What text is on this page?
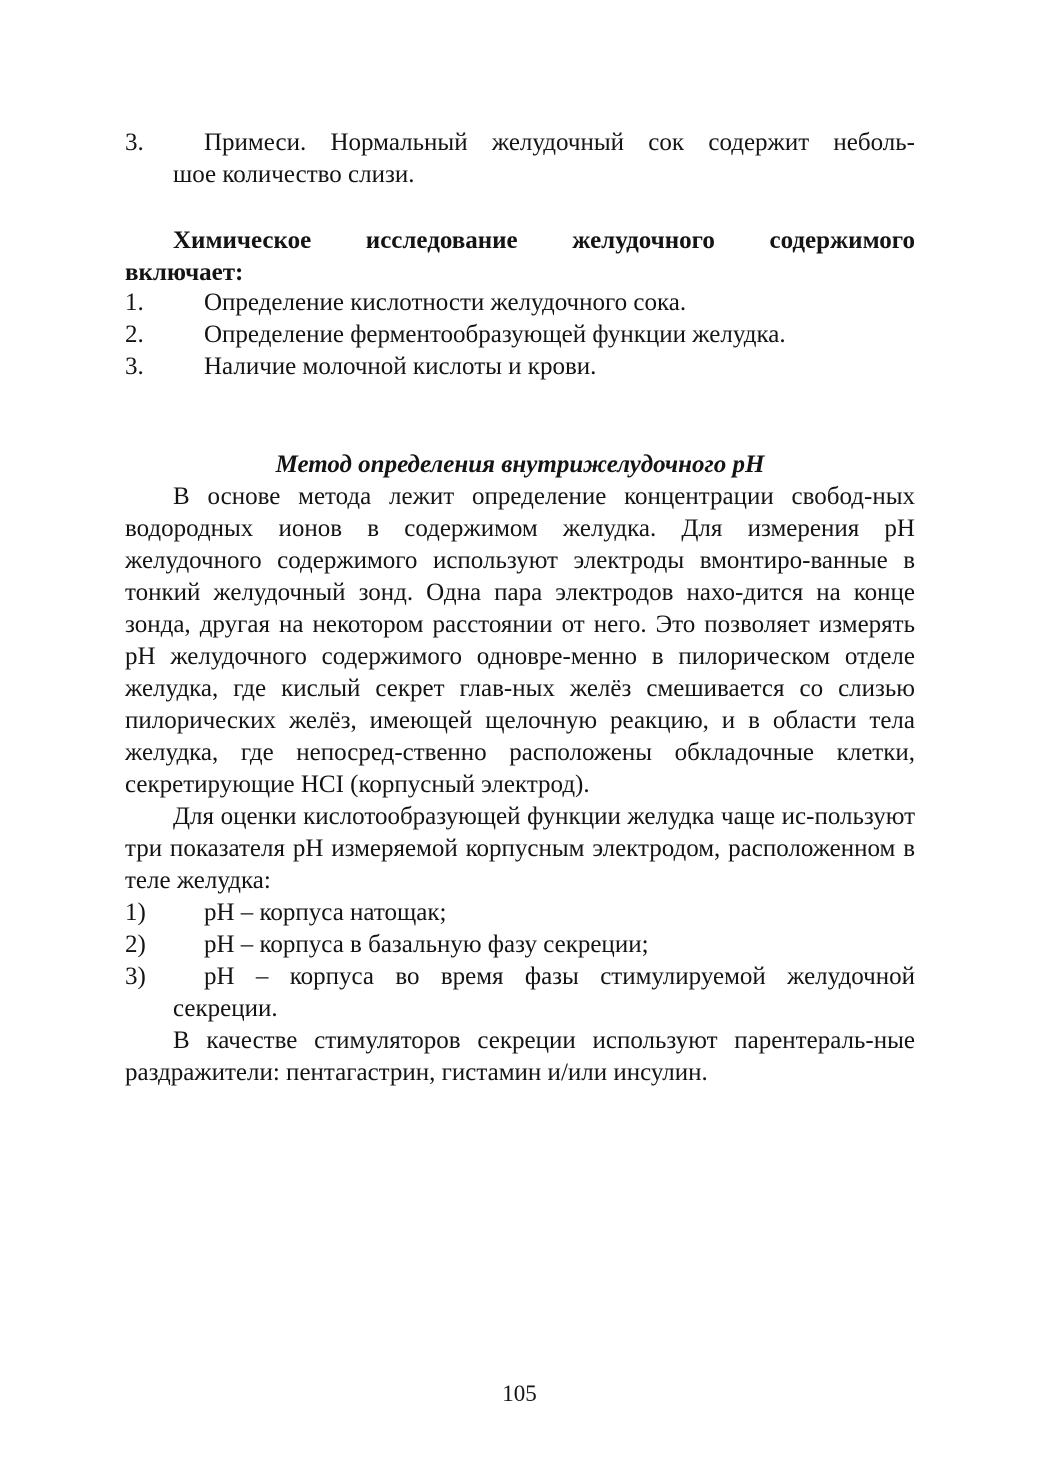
3. Примеси. Нормальный желудочный сок содержит неболь-
шое количество слизи.
Химическое исследование желудочного содержимого
включает:
1. Определение кислотности желудочного сока.
2. Определение ферментообразующей функции желудка.
3. Наличие молочной кислоты и крови.
Метод определения внутрижелудочного pH
В основе метода лежит определение концентрации свобод-ных водородных ионов в содержимом желудка. Для измерения pH желудочного содержимого используют электроды вмонтиро-ванные в тонкий желудочный зонд. Одна пара электродов нахо-дится на конце зонда, другая на некотором расстоянии от него. Это позволяет измерять pH желудочного содержимого одновре-менно в пилорическом отделе желудка, где кислый секрет глав-ных желёз смешивается со слизью пилорических желёз, имеющей щелочную реакцию, и в области тела желудка, где непосред-ственно расположены обкладочные клетки, секретирующие HCI (корпусный электрод).
Для оценки кислотообразующей функции желудка чаще ис-пользуют три показателя pH измеряемой корпусным электродом, расположенном в теле желудка:
1) pH – корпуса натощак;
2) pH – корпуса в базальную фазу секреции;
3) pH – корпуса во время фазы стимулируемой желудочной
секреции.
В качестве стимуляторов секреции используют парентераль-ные раздражители: пентагастрин, гистамин и/или инсулин.
105
